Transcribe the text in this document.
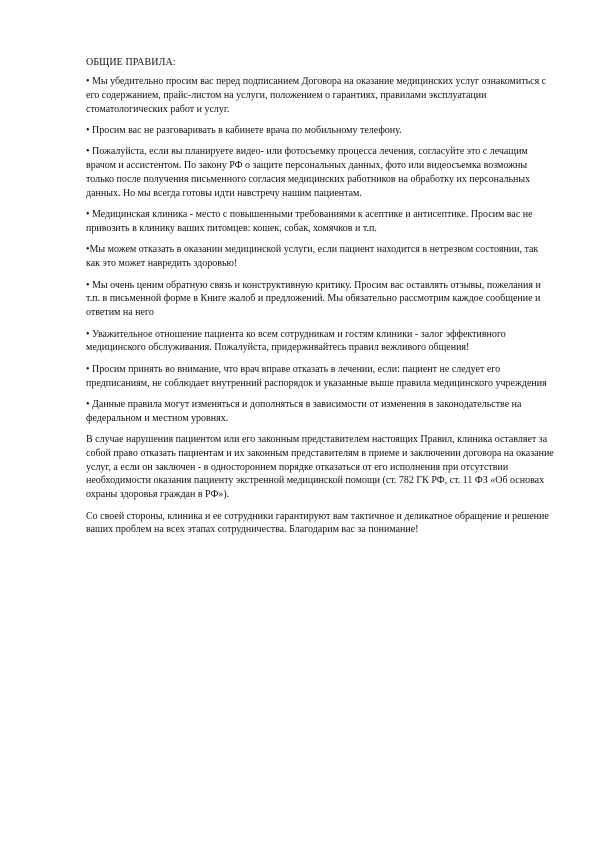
ОБЩИЕ ПРАВИЛА:

• Мы убедительно просим вас перед подписанием Договора на оказание медицинских услуг ознакомиться с его содержанием, прайс-листом на услуги, положением о гарантиях, правилами эксплуатации стоматологических работ и услуг.

• Просим вас не разговаривать в кабинете врача по мобильному телефону.

• Пожалуйста, если вы планируете видео- или фотосъемку процесса лечения, согласуйте это с лечащим врачом и ассистентом. По закону РФ о защите персональных данных, фото или видеосъемка возможны только после получения письменного согласия медицинских работников на обработку их персональных данных. Но мы всегда готовы идти навстречу нашим пациентам.

• Медицинская клиника - место с повышенными требованиями к асептике и антисептике. Просим вас не привозить в клинику ваших питомцев: кошек, собак, хомячков и т.п.

•Мы можем отказать в оказании медицинской услуги, если пациент находится в нетрезвом состоянии, так как это может навредить здоровью!

• Мы очень ценим обратную связь и конструктивную критику. Просим вас оставлять отзывы, пожелания и т.п. в письменной форме в Книге жалоб и предложений. Мы обязательно рассмотрим каждое сообщение и ответим на него

• Уважительное отношение пациента ко всем сотрудникам и гостям клиники - залог эффективного медицинского обслуживания. Пожалуйста, придерживайтесь правил вежливого общения!

• Просим принять во внимание, что врач вправе отказать в лечении, если: пациент не следует его предписаниям, не соблюдает внутренний распорядок и указанные выше правила медицинского учреждения

• Данные правила могут изменяться и дополняться в зависимости от изменения в законодательстве на федеральном и местном уровнях.

В случае нарушения пациентом или его законным представителем настоящих Правил, клиника оставляет за собой право отказать пациентам и их законным представителям в приеме и заключении договора на оказание услуг, а если он заключен - в одностороннем порядке отказаться от его исполнения при отсутствии необходимости оказания пациенту экстренной медицинской помощи (ст. 782 ГК РФ, ст. 11 ФЗ «Об основах охраны здоровья граждан в РФ»).

Со своей стороны, клиника и ее сотрудники гарантируют вам тактичное и деликатное обращение и решение ваших проблем на всех этапах сотрудничества. Благодарим вас за понимание!
